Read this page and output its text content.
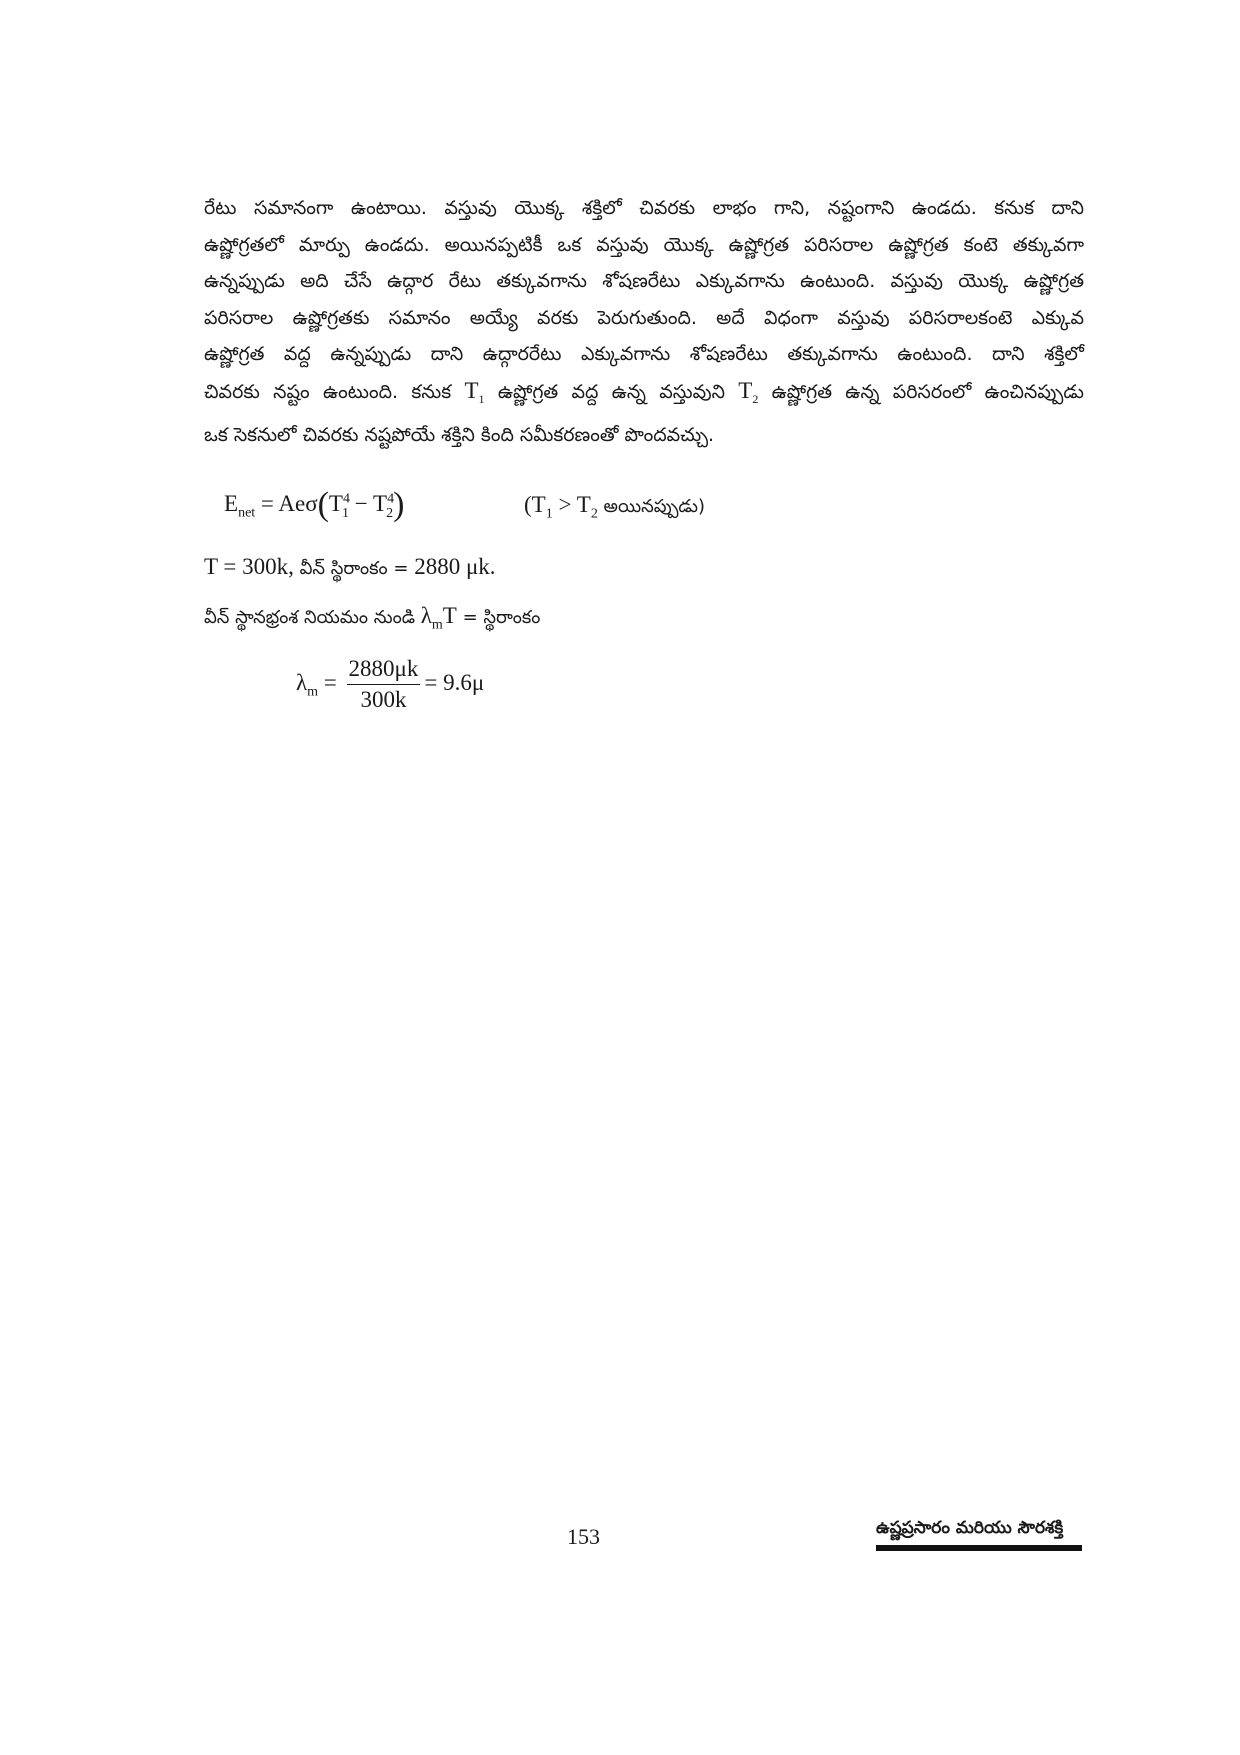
రేటు సమానంగా ఉంటాయి. వస్తువు యొక్క శక్తిలో చివరకు లాభం గాని, నష్టంగాని ఉండదు. కనుక దాని
ఉష్ణోగ్రతలో మార్పు ఉండదు. అయినప్పటికీ ఒక వస్తువు యొక్క ఉష్ణోగ్రత పరిసరాల ఉష్ణోగ్రత కంటె తక్కువగా
ఉన్నప్పుడు అది చేసే ఉద్గార రేటు తక్కువగాను శోషణరేటు ఎక్కువగాను ఉంటుంది. వస్తువు యొక్క ఉష్ణోగ్రత
పరిసరాల ఉష్ణోగ్రతకు సమానం అయ్యే వరకు పెరుగుతుంది. అదే విధంగా వస్తువు పరిసరాలకంటె ఎక్కువ
ఉష్ణోగ్రత వద్ద ఉన్నప్పుడు దాని ఉద్గారరేటు ఎక్కువగాను శోషణరేటు తక్కువగాను ఉంటుంది. దాని శక్తిలో
చివరకు నష్టం ఉంటుంది. కనుక $T_1$ ఉష్ణోగ్రత వద్ద ఉన్న వస్తువుని $T_2$ ఉష్ణోగ్రత ఉన్న పరిసరంలో ఉంచినప్పుడు
ఒక సెకనులో చివరకు నష్టపోయే శక్తిని కింది సమీకరణంతో పొందవచ్చు.
$E_{net} = Ae\sigma(T^4_1 - T^4_2)$	($T_1 > T_2$ అయినప్పుడు)
T = 300k, వీన్ స్థిరాంకం = 2880 μk.
వీన్ స్థానభ్రంశ నియమం నుండి $\lambda_mT$ = స్థిరాంకం
$\lambda_m = \frac{2880\mu k}{300k} = 9.6\mu$
153	ఉష్ణప్రసారం మరియు సౌరశక్తి
